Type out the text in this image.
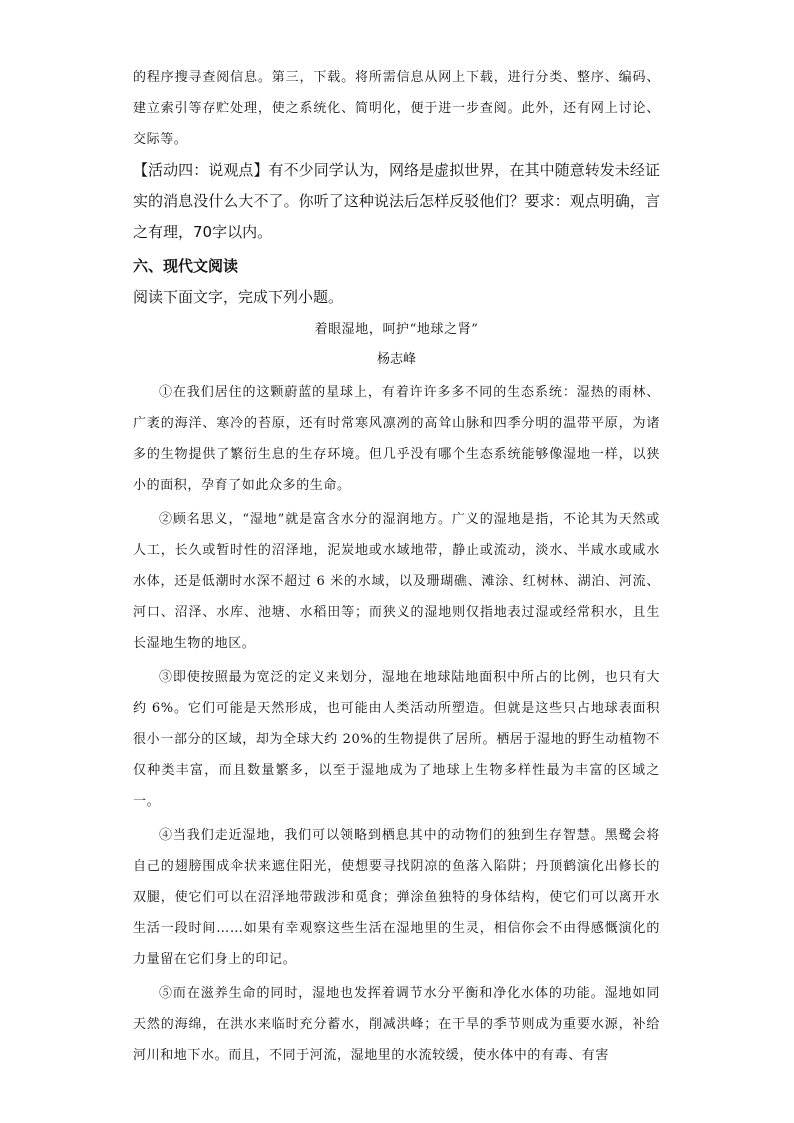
的程序搜寻查阅信息。第三，下载。将所需信息从网上下载，进行分类、整序、编码、建立索引等存贮处理，使之系统化、简明化，便于进一步查阅。此外，还有网上讨论、交际等。

【活动四：说观点】有不少同学认为，网络是虚拟世界，在其中随意转发未经证实的消息没什么大不了。你听了这种说法后怎样反驳他们？要求：观点明确，言之有理，70字以内。

六、现代文阅读

阅读下面文字，完成下列小题。

着眼湿地，呵护“地球之肾”

杨志峰

①在我们居住的这颗蔚蓝的星球上，有着许许多多不同的生态系统：湿热的雨林、广袤的海洋、寒冷的苔原，还有时常寒风凛冽的高耸山脉和四季分明的温带平原，为诸多的生物提供了繁衍生息的生存环境。但几乎没有哪个生态系统能够像湿地一样，以狭小的面积，孕育了如此众多的生命。

②顾名思义，“湿地”就是富含水分的湿润地方。广义的湿地是指，不论其为天然或人工，长久或暂时性的沼泽地，泥炭地或水域地带，静止或流动，淡水、半咸水或咸水水体，还是低潮时水深不超过 6 米的水域，以及珊瑚礁、滩涂、红树林、湖泊、河流、河口、沼泽、水库、池塘、水稻田等；而狭义的湿地则仅指地表过湿或经常积水，且生长湿地生物的地区。

③即使按照最为宽泛的定义来划分，湿地在地球陆地面积中所占的比例，也只有大约 6%。它们可能是天然形成，也可能由人类活动所塑造。但就是这些只占地球表面积很小一部分的区域，却为全球大约 20%的生物提供了居所。栖居于湿地的野生动植物不仅种类丰富，而且数量繁多，以至于湿地成为了地球上生物多样性最为丰富的区域之一。

④当我们走近湿地，我们可以领略到栖息其中的动物们的独到生存智慧。黑鹭会将自己的翅膀围成伞状来遮住阳光，使想要寻找阴凉的鱼落入陷阱；丹顶鹤演化出修长的双腿，使它们可以在沼泽地带跋涉和觅食；弹涂鱼独特的身体结构，使它们可以离开水生活一段时间……如果有幸观察这些生活在湿地里的生灵，相信你会不由得感慨演化的力量留在它们身上的印记。

⑤而在滋养生命的同时，湿地也发挥着调节水分平衡和净化水体的功能。湿地如同天然的海绵，在洪水来临时充分蓄水，削减洪峰；在干旱的季节则成为重要水源，补给河川和地下水。而且，不同于河流，湿地里的水流较缓，使水体中的有毒、有害
